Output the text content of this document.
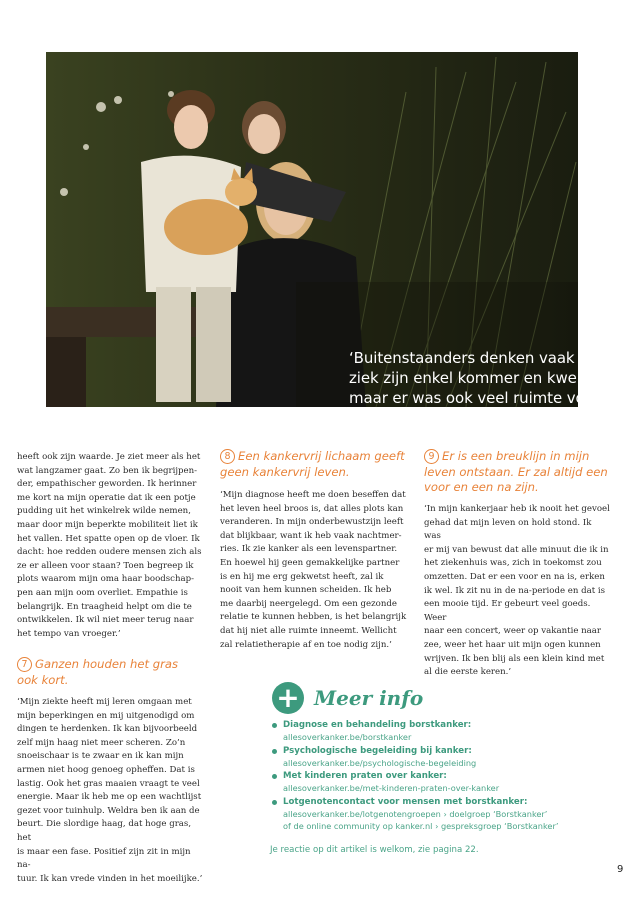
‘Buitenstaanders denken vaak dat ziek zijn enkel kommer en kwel is, maar er was ook veel ruimte voor humor en lichtheid.’

heeft ook zijn waarde. Je ziet meer als het

wat langzamer gaat. Zo ben ik begrijpen-

der, empathischer geworden. Ik herinner

me kort na mijn operatie dat ik een potje

pudding uit het winkelrek wilde nemen,

maar door mijn beperkte mobiliteit liet ik

het vallen. Het spatte open op de vloer. Ik

dacht: hoe redden oudere mensen zich als

ze er alleen voor staan? Toen begreep ik

plots waarom mijn oma haar boodschap-

pen aan mijn oom overliet. Empathie is

belangrijk. En traagheid helpt om die te

ontwikkelen. Ik wil niet meer terug naar

het tempo van vroeger.’

7 Ganzen houden het gras
ook kort.

‘Mijn ziekte heeft mij leren omgaan met

mijn beperkingen en mij uitgenodigd om

dingen te herdenken. Ik kan bijvoorbeeld

zelf mijn haag niet meer scheren. Zo’n

snoeischaar is te zwaar en ik kan mijn

armen niet hoog genoeg opheffen. Dat is

lastig. Ook het gras maaien vraagt te veel

energie. Maar ik heb me op een wachtlijst

gezet voor tuinhulp. Weldra ben ik aan de

beurt. Die slordige haag, dat hoge gras, het

is maar een fase. Positief zijn zit in mijn na-

tuur. Ik kan vrede vinden in het moeilijke.’

8 Een kankervrij lichaam geeft
geen kankervrij leven.

‘Mijn diagnose heeft me doen beseffen dat

het leven heel broos is, dat alles plots kan

veranderen. In mijn onderbewustzijn leeft

dat blijkbaar, want ik heb vaak nachtmer-

ries. Ik zie kanker als een levenspartner.

En hoewel hij geen gemakkelijke partner

is en hij me erg gekwetst heeft, zal ik

nooit van hem kunnen scheiden. Ik heb

me daarbij neergelegd. Om een gezonde

relatie te kunnen hebben, is het belangrijk

dat hij niet alle ruimte inneemt. Wellicht

zal relatietherapie af en toe nodig zijn.’

9 Er is een breuklijn in mijn
leven ontstaan. Er zal altijd een
voor en een na zijn.

‘In mijn kankerjaar heb ik nooit het gevoel

gehad dat mijn leven on hold stond. Ik was

er mij van bewust dat alle minuut die ik in

het ziekenhuis was, zich in toekomst zou

omzetten. Dat er een voor en na is, erken

ik wel. Ik zit nu in de na-periode en dat is

een mooie tijd. Er gebeurt veel goeds. Weer

naar een concert, weer op vakantie naar

zee, weer het haar uit mijn ogen kunnen

wrijven. Ik ben blij als een klein kind met

al die eerste keren.’

+ Meer info
Diagnose en behandeling borstkanker:
allesoverkanker.be/borstkanker
Psychologische begeleiding bij kanker:
allesoverkanker.be/psychologische-begeleiding
Met kinderen praten over kanker:
allesoverkanker.be/met-kinderen-praten-over-kanker
Lotgenotencontact voor mensen met borstkanker:
allesoverkanker.be/lotgenotengroepen › doelgroep ‘Borstkanker’
of de online community op kanker.nl › gespreksgroep ‘Borstkanker’
Je reactie op dit artikel is welkom, zie pagina 22.
9
